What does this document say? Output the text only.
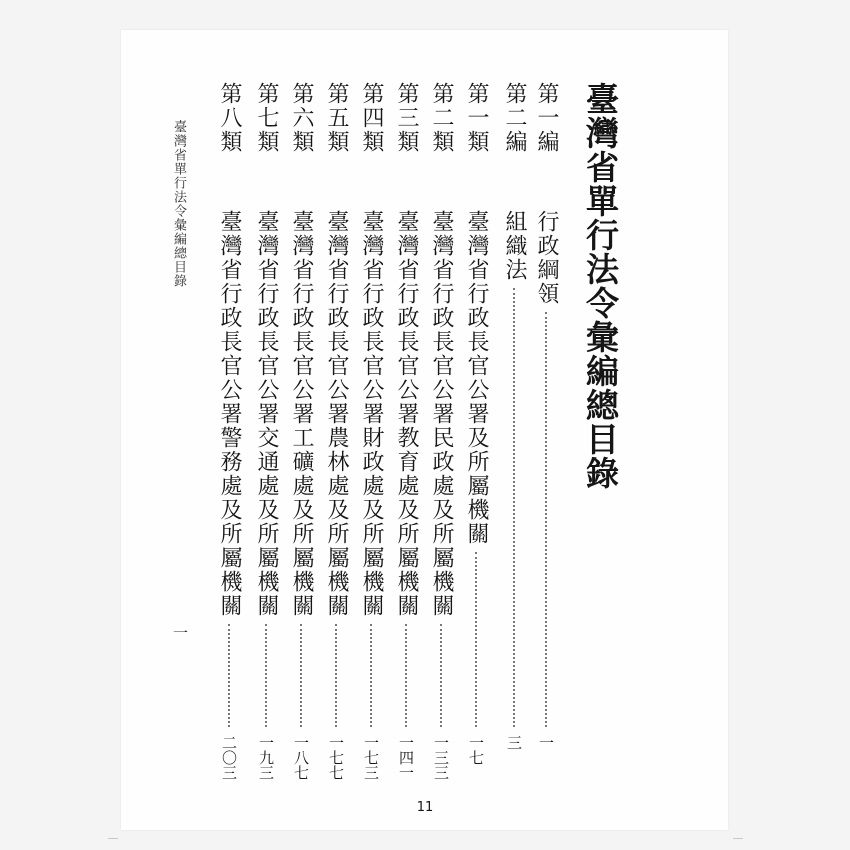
臺灣省單行法令彙編總目錄
第一編
行政綱領
一
第二編
組織法
三
第一類
臺灣省行政長官公署及所屬機關
一七
第二類
臺灣省行政長官公署民政處及所屬機關
一三三
第三類
臺灣省行政長官公署教育處及所屬機關
一四一
第四類
臺灣省行政長官公署財政處及所屬機關
一七三
第五類
臺灣省行政長官公署農林處及所屬機關
一七七
第六類
臺灣省行政長官公署工礦處及所屬機關
一八七
第七類
臺灣省行政長官公署交通處及所屬機關
一九三
第八類
臺灣省行政長官公署警務處及所屬機關
二〇三
臺灣省單行法令彙編總目錄
一
11
